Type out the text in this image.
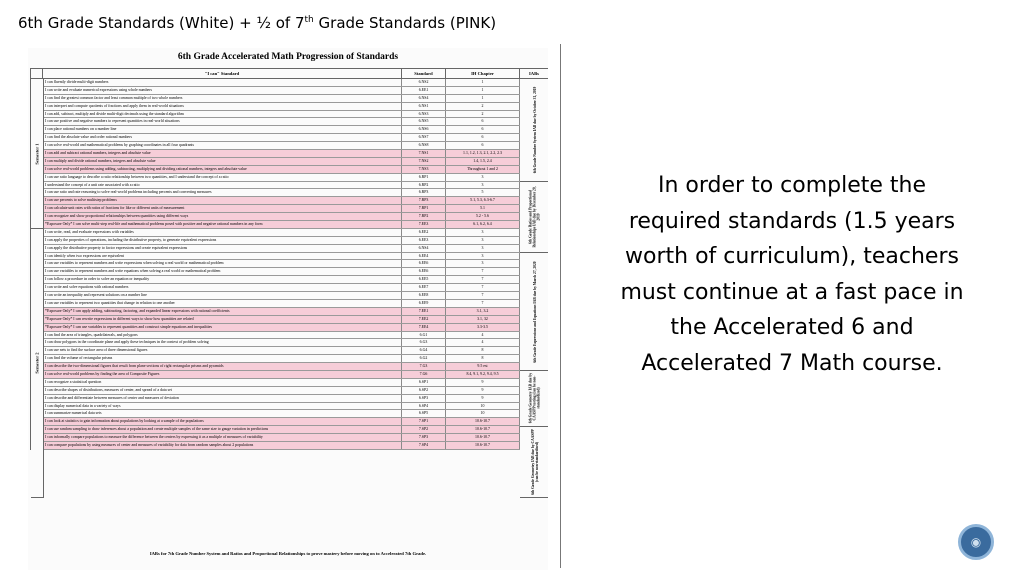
6th Grade Standards (White) + ½ of 7th Grade Standards (PINK)
6th Grade Accelerated Math Progression of Standards
"I can" Standard	Standard	IH Chapter	IABs
Semester 1
Semester 2
I can fluently divide multi-digit numbers	6.NS2	1
I can write and evaluate numerical expressions using whole numbers	6.EE1	1
I can find the greatest common factor and least common multiple of two whole numbers	6.NS4	1
I can interpret and compute quotients of fractions and apply them in real-world situations	6.NS1	2
I can add, subtract, multiply and divide multi-digit decimals using the standard algorithm	6.NS3	2
I can use positive and negative numbers to represent quantities in real-world situations	6.NS5	6
I can place rational numbers on a number line	6.NS6	6
I can find the absolute value and order rational numbers	6.NS7	6
I can solve real-world and mathematical problems by graphing coordinates in all four quadrants	6.NS8	6
I can add and subtract rational numbers, integers and absolute value	7.NS1	1.1, 1.2, 1.3, 2.1, 2.2, 2.3
I can multiply and divide rational numbers, integers and absolute value	7.NS2	1.4, 1.5, 2.4
I can solve real-world problems using adding, subtracting, multiplying and dividing rational numbers, integers and absolute value	7.NS3	Throughout 1 and 2
I can use ratio language to describe a ratio relationship between two quantities, and I understand the concept of a ratio	6.RP1	3
I understand the concept of a unit rate associated with a ratio	6.RP2	3
I can use ratio and rate reasoning to solve real-world problems including percents and converting measures	6.RP3	5
I can use percents to solve multistep problems	7.RP3	5.1, 5.3, 6.3-6.7
I can calculate unit rates with ratios of fractions for like or different units of measurement	7.RP1	5.1
I can recognize and show proportional relationships between quantities using different ways	7.RP2	5.2 - 5.6
*Exposure Only* I can solve multi-step real-life and mathematical problems posed with positive and negative rational numbers in any form	7.EE3	6.1, 6.2, 6.4
I can write, read, and evaluate expressions with variables	6.EE2	3
I can apply the properties of operations, including the distributive property, to generate equivalent expressions	6.EE3	3
I can apply the distributive property to factor expressions and create equivalent expressions	6.NS4	3
I can identify when two expressions are equivalent	6.EE4	3
I can use variables to represent numbers and write expressions when solving a real world or mathematical problem	6.EE6	3
I can use variables to represent numbers and write equations when solving a real world or mathematical problem	6.EE6	7
I can follow a procedure in order to solve an equation or inequality	6.EE5	7
I can write and solve equations with rational numbers	6.EE7	7
I can write an inequality and represent solutions on a number line	6.EE8	7
I can use variables to represent two quantities that change in relation to one another	6.EE9	7
*Exposure Only* I can apply adding, subtracting, factoring, and expanded linear expressions with rational coefficients	7.EE1	3.1, 3.2
*Exposure Only* I can rewrite expressions in different ways to show how quantities are related	7.EE2	3.1, 32
*Exposure Only* I can use variables to represent quantities and construct simple equations and inequalities	7.EE4	3.3-3.5
I can find the area of triangles, quadrilaterals, and polygons	6.G1	4
I can draw polygons in the coordinate plane and apply these techniques in the context of problem solving	6.G3	4
I can use nets to find the surface area of three dimensional figures	6.G4	8
I can find the volume of rectangular prisms	6.G2	8
I can describe the two-dimensional figures that result from plane sections of right rectangular prisms and pyramids	7.G3	9.5 est
I can solve real-world problems by finding the area of Composite Figures	7.G6	8.4, 9.1, 9.2, 9.4, 9.5
I can recognize a statistical question	6.SP1	9
I can describe shapes of distributions, measures of center, and spread of a data set	6.SP2	9
I can describe and differentiate between measures of center and measures of deviation	6.SP3	9
I can display numerical data in a variety of ways	6.SP4	10
I can summarize numerical data sets	6.SP5	10
I can look at statistics to gain information about populations by looking at a sample of the populations	7.SP1	10.6-10.7
I can use random sampling to draw inferences about a population and create multiple samples of the same size to gauge variation in predictions	7.SP2	10.6-10.7
I can informally compare populations to measure the difference between the centers by expressing it as a multiple of measures of variability	7.SP3	10.6-10.7
I can compare populations by using measures of center and measures of variability for data from random samples about 2 populations	7.SP4	10.6-10.7
6th Grade Number System IAB due by October 31, 2019
6th Grade Ratios and Proportional Relationships IAB due by December 20, 2019
6th Grade Expressions and Equations IAB due by March 27, 2020
6th Grade Geometry IAB due by CAASPP testing (can be non-standardized)
6th Grade Geometry IAB due by CAASPP (can be non-standardized)
IABs for 7th Grade Number System and Ratios and Proportional Relationships to prove mastery before moving on to Accelerated 7th Grade.
In order to complete the required standards (1.5 years worth of curriculum), teachers must continue at a fast pace in the Accelerated 6 and Accelerated 7 Math course.
◉
